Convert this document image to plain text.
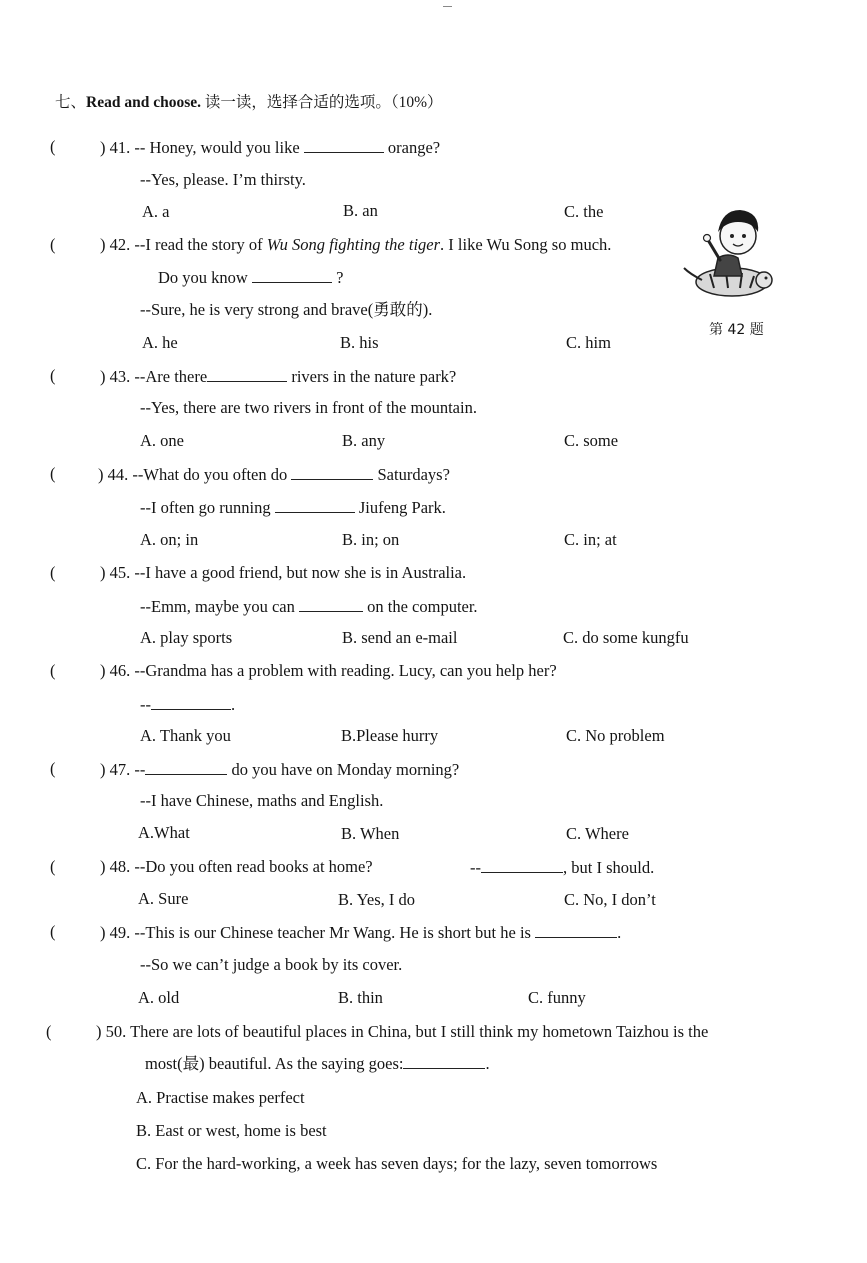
七、Read and choose. 读一读，选择合适的选项。（10%）
(	) 41. -- Honey, would you like	orange?
--Yes, please. I’m thirsty.
A. a	B. an	C. the
(	) 42. --I read the story of Wu Song fighting the tiger. I like Wu Song so much.
Do you know	?
--Sure, he is very strong and brave(勇敢的).
A. he	B. his	C. him
第 42 题
(	) 43. --Are there	rivers in the nature park?
--Yes, there are two rivers in front of the mountain.
A. one	B. any	C. some
(	) 44. --What do you often do	Saturdays?
--I often go running	Jiufeng Park.
A. on; in	B. in; on	C. in; at
(	) 45. --I have a good friend, but now she is in Australia.
--Emm, maybe you can	on the computer.
A. play sports	B. send an e-mail	C. do some kungfu
(	) 46. --Grandma has a problem with reading. Lucy, can you help her?
--	.
A. Thank you	B.Please hurry	C. No problem
(	) 47. --	do you have on Monday morning?
--I have Chinese, maths and English.
A.What	B. When	C. Where
(	) 48. --Do you often read books at home?	--	, but I should.
A. Sure	B. Yes, I do	C. No, I don’t
(	) 49. --This is our Chinese teacher Mr Wang. He is short but he is	.
--So we can’t judge a book by its cover.
A. old	B. thin	C. funny
(	) 50. There are lots of beautiful places in China, but I still think my hometown Taizhou is the
most(最) beautiful. As the saying goes:	.
A. Practise makes perfect
B. East or west, home is best
C. For the hard-working, a week has seven days; for the lazy, seven tomorrows
